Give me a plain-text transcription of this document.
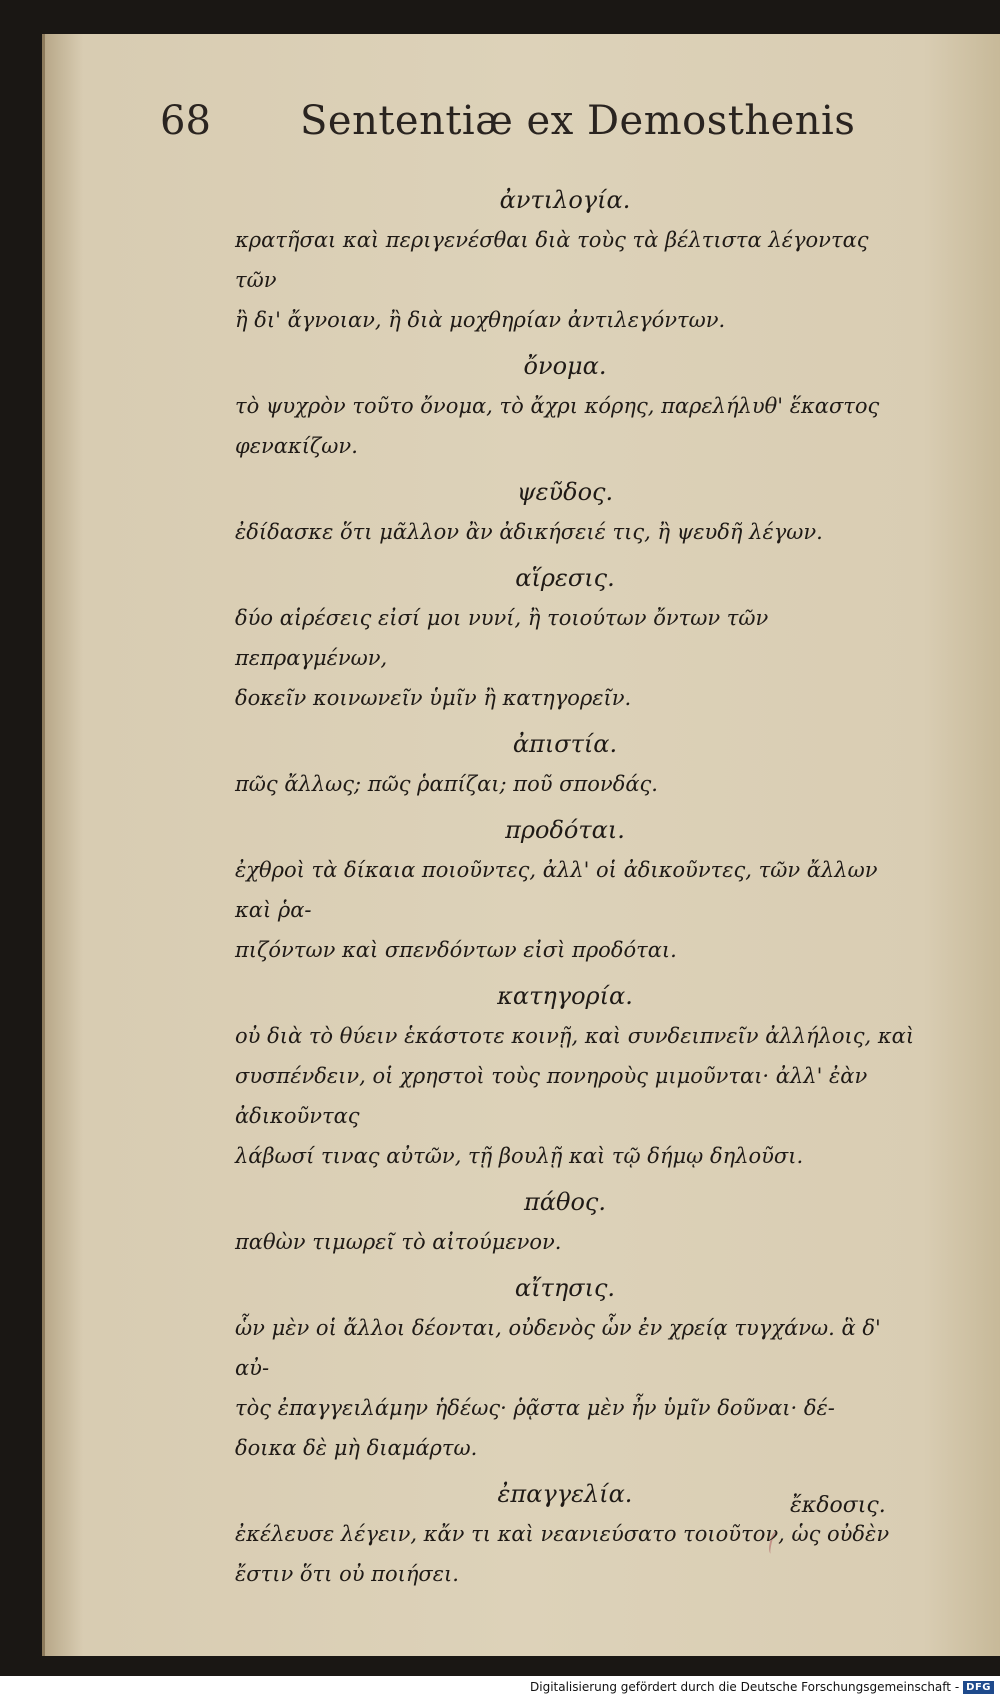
68 Sententiæ ex Demosthenis
ἀντιλογία.
κρατῆσαι καὶ περιγενέσθαι διὰ τοὺς τὰ βέλτιστα λέγοντας τῶν
ἢ δι' ἄγνοιαν, ἢ διὰ μοχθηρίαν ἀντιλεγόντων.
ὄνομα.
τὸ ψυχρὸν τοῦτο ὄνομα, τὸ ἄχρι κόρης, παρελήλυθ' ἕκαστος
φενακίζων.
ψεῦδος.
ἐδίδασκε ὅτι μᾶλλον ἂν ἀδικήσειέ τις, ἢ ψευδῆ λέγων.
αἵρεσις.
δύο αἱρέσεις εἰσί μοι νυνί, ἢ τοιούτων ὄντων τῶν πεπραγμένων,
δοκεῖν κοινωνεῖν ὑμῖν ἢ κατηγορεῖν.
ἀπιστία.
πῶς ἄλλως; πῶς ῥαπίζαι; ποῦ σπονδάς.
προδόται.
ἐχθροὶ τὰ δίκαια ποιοῦντες, ἀλλ' οἱ ἀδικοῦντες, τῶν ἄλλων καὶ ῥα-
πιζόντων καὶ σπενδόντων εἰσὶ προδόται.
κατηγορία.
οὐ διὰ τὸ θύειν ἑκάστοτε κοινῇ, καὶ συνδειπνεῖν ἀλλήλοις, καὶ
συσπένδειν, οἱ χρηστοὶ τοὺς πονηροὺς μιμοῦνται· ἀλλ' ἐὰν ἀδικοῦντας
λάβωσί τινας αὐτῶν, τῇ βουλῇ καὶ τῷ δήμῳ δηλοῦσι.
πάθος.
παθὼν τιμωρεῖ τὸ αἰτούμενον.
αἴτησις.
ὧν μὲν οἱ ἄλλοι δέονται, οὐδενὸς ὧν ἐν χρείᾳ τυγχάνω. ἃ δ' αὐ-
τὸς ἐπαγγειλάμην ἡδέως· ῥᾷστα μὲν ἦν ὑμῖν δοῦναι· δέ-
δοικα δὲ μὴ διαμάρτω.
ἐπαγγελία.
ἐκέλευσε λέγειν, κἄν τι καὶ νεανιεύσατο τοιοῦτον, ὡς οὐδὲν
ἔστιν ὅτι οὐ ποιήσει.
ἔκδοσις.
Digitalisierung gefördert durch die Deutsche Forschungsgemeinschaft - DFG
